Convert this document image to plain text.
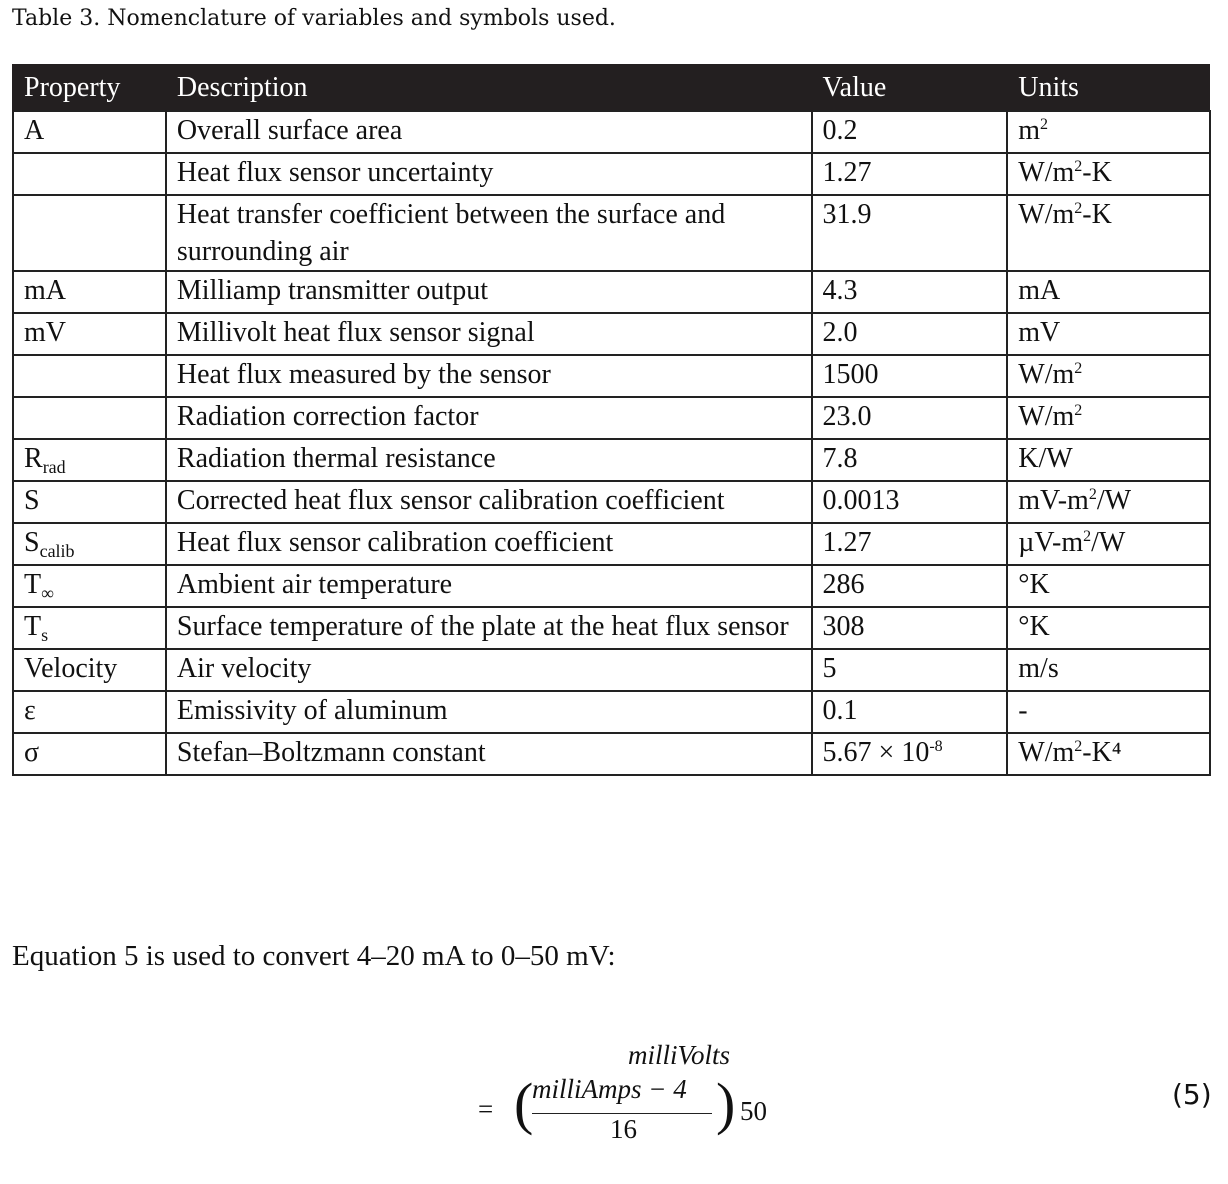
Table 3. Nomenclature of variables and symbols used.
Property	Description	Value	Units
A	Overall surface area	0.2	$m^2$
	Heat flux sensor uncertainty	1.27	$W/m^2-K$
	Heat transfer coefficient between the surface and surrounding air	31.9	$W/m^2-K$
mA	Milliamp transmitter output	4.3	mA
mV	Millivolt heat flux sensor signal	2.0	mV
	Heat flux measured by the sensor	1500	$W/m^2$
	Radiation correction factor	23.0	$W/m^2$
$R_{rad}$	Radiation thermal resistance	7.8	K/W
S	Corrected heat flux sensor calibration coefficient	0.0013	$mV-m^2/W$
$S_{calib}$	Heat flux sensor calibration coefficient	1.27	$\mu V-m^2/W$
$T_\infty$	Ambient air temperature	286	°K
$T_s$	Surface temperature of the plate at the heat flux sensor	308	°K
Velocity	Air velocity	5	m/s
ε	Emissivity of aluminum	0.1	-
σ	Stefan–Boltzmann constant	$5.67 \times 10^{-8}$	$W/m^2-K^4$
Equation 5 is used to convert 4–20 mA to 0–50 mV:
milliVolts
= (
milliAmps − 4
16 ) 50	(5)
